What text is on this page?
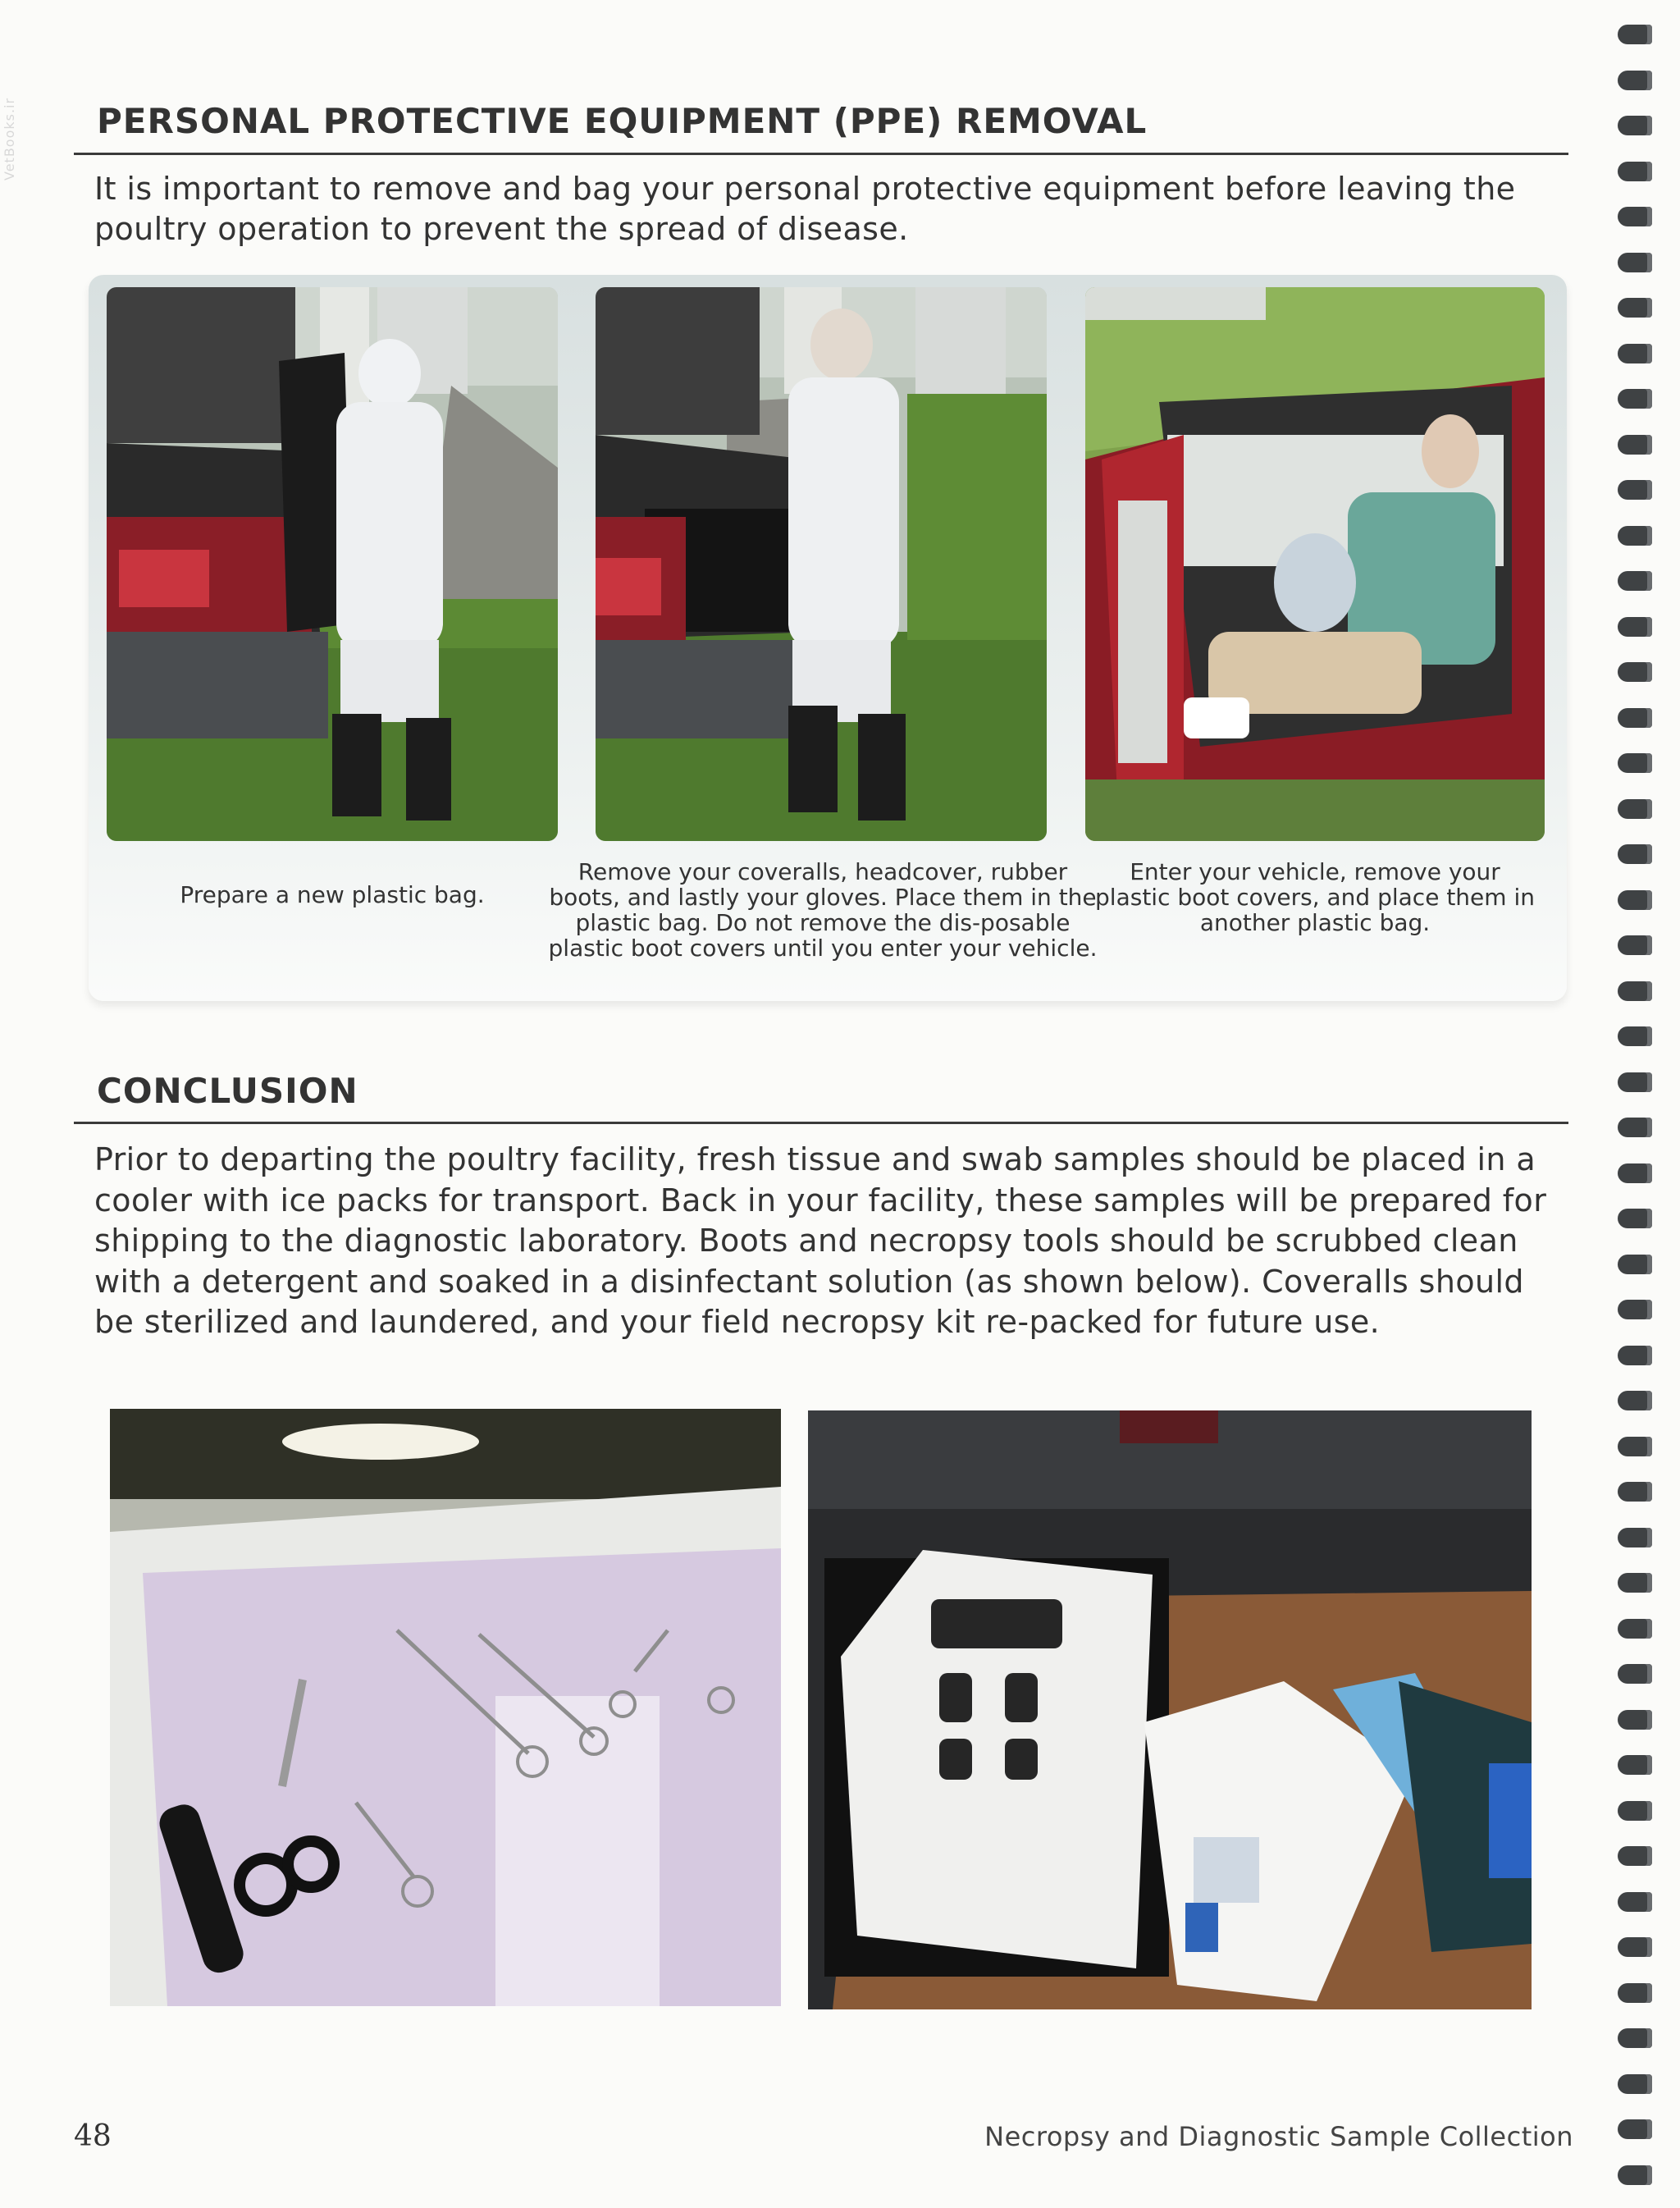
VetBooks.ir PERSONAL PROTECTIVE EQUIPMENT (PPE) REMOVAL

It is important to remove and bag your personal protective equipment before leaving the poultry operation to prevent the spread of disease.

Prepare a new plastic bag.

Remove your coveralls, headcover, rubber boots, and lastly your gloves. Place them in the plastic bag. Do not remove the dis-posable plastic boot covers until you enter your vehicle.

Enter your vehicle, remove your plastic boot covers, and place them in another plastic bag.

CONCLUSION

Prior to departing the poultry facility, fresh tissue and swab samples should be placed in a cooler with ice packs for transport. Back in your facility, these samples will be prepared for shipping to the diagnostic laboratory. Boots and necropsy tools should be scrubbed clean with a detergent and soaked in a disinfectant solution (as shown below). Coveralls should be sterilized and laundered, and your field necropsy kit re-packed for future use.

48	Necropsy and Diagnostic Sample Collection
